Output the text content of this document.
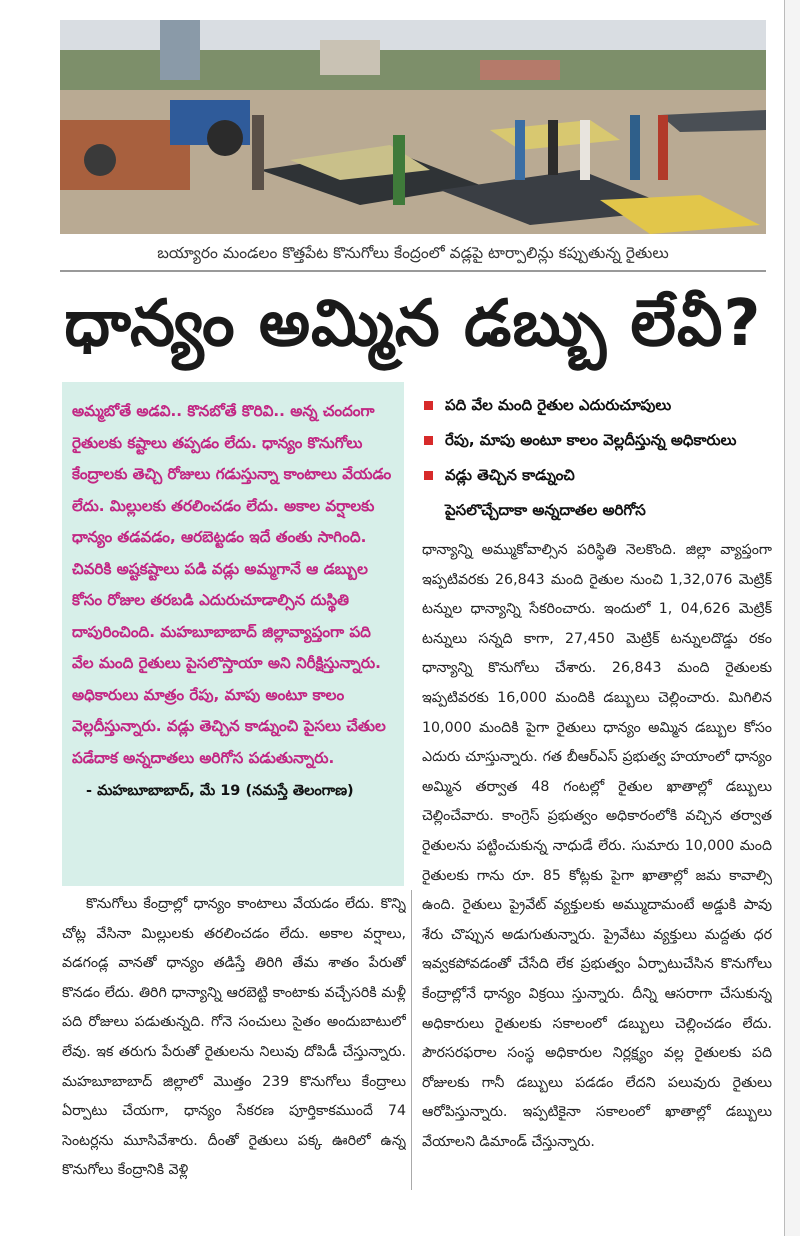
బయ్యారం మండలం కొత్తపేట కొనుగోలు కేంద్రంలో వడ్లపై టార్పాలిన్లు కప్పుతున్న రైతులు
ధాన్యం అమ్మిన డబ్బు లేవీ?

అమ్మబోతే అడవి.. కొనబోతే కొరివి.. అన్న చందంగా రైతులకు కష్టాలు తప్పడం లేదు. ధాన్యం కొనుగోలు కేంద్రాలకు తెచ్చి రోజులు గడుస్తున్నా కాంటాలు వేయడం లేదు. మిల్లులకు తరలించడం లేదు. అకాల వర్షాలకు ధాన్యం తడవడం, ఆరబెట్టడం ఇదే తంతు సాగింది. చివరికి అష్టకష్టాలు పడి వడ్లు అమ్మగానే ఆ డబ్బుల కోసం రోజుల తరబడి ఎదురుచూడాల్సిన దుస్థితి దాపురించింది. మహబూబాబాద్ జిల్లావ్యాప్తంగా పది వేల మంది రైతులు పైసలొస్తాయా అని నిరీక్షిస్తున్నారు. అధికారులు మాత్రం రేపు, మాపు అంటూ కాలం వెల్లదీస్తున్నారు. వడ్లు తెచ్చిన కాడ్నుంచి పైసలు చేతుల పడేదాక అన్నదాతలు అరిగోస పడుతున్నారు.

- మహబూబాబాద్, మే 19 (నమస్తే తెలంగాణ)
పది వేల మంది రైతుల ఎదురుచూపులు
రేపు, మాపు అంటూ కాలం వెల్లదీస్తున్న అధికారులు
వడ్లు తెచ్చిన కాడ్నుంచి
పైసలొచ్చేదాకా అన్నదాతల అరిగోస

ధాన్యాన్ని అమ్ముకోవాల్సిన పరిస్థితి నెలకొంది. జిల్లా వ్యాప్తంగా ఇప్పటివరకు 26,843 మంది రైతుల నుంచి 1,32,076 మెట్రిక్ టన్నుల ధాన్యాన్ని సేకరించారు. ఇందులో 1, 04,626 మెట్రిక్ టన్నులు సన్నది కాగా, 27,450 మెట్రిక్ టన్నులదొడ్డు రకం ధాన్యాన్ని కొనుగోలు చేశారు. 26,843 మంది రైతులకు ఇప్పటివరకు 16,000 మందికి డబ్బులు చెల్లించారు. మిగిలిన 10,000 మందికి పైగా రైతులు ధాన్యం అమ్మిన డబ్బుల కోసం ఎదురు చూస్తున్నారు. గత బీఆర్ఎస్ ప్రభుత్వ హయాంలో ధాన్యం అమ్మిన తర్వాత 48 గంటల్లో రైతుల ఖాతాల్లో డబ్బులు చెల్లించేవారు. కాంగ్రెస్ ప్రభుత్వం అధికారంలోకి వచ్చిన తర్వాత రైతులను పట్టించుకున్న నాధుడే లేరు. సుమారు 10,000 మంది రైతులకు గాను రూ. 85 కోట్లకు పైగా ఖాతాల్లో జమ కావాల్సి ఉంది. రైతులు ప్రైవేట్ వ్యక్తులకు అమ్ముదామంటే అడ్డుకి పావు శేరు చొప్పున అడుగుతున్నారు. ప్రైవేటు వ్యక్తులు మద్దతు ధర ఇవ్వకపోవడంతో చేసేది లేక ప్రభుత్వం ఏర్పాటుచేసిన కొనుగోలు కేంద్రాల్లోనే ధాన్యం విక్రయి స్తున్నారు. దీన్ని ఆసరాగా చేసుకున్న అధికారులు రైతులకు సకాలంలో డబ్బులు చెల్లించడం లేదు. పౌరసరఫరాల సంస్థ అధికారుల నిర్లక్ష్యం వల్ల రైతులకు పది రోజులకు గానీ డబ్బులు పడడం లేదని పలువురు రైతులు ఆరోపిస్తున్నారు. ఇప్పటికైనా సకాలంలో ఖాతాల్లో డబ్బులు వేయాలని డిమాండ్ చేస్తున్నారు.

కొనుగోలు కేంద్రాల్లో ధాన్యం కాంటాలు వేయడం లేదు. కొన్ని చోట్ల వేసినా మిల్లులకు తరలించడం లేదు. అకాల వర్షాలు, వడగండ్ల వానతో ధాన్యం తడిస్తే తిరిగి తేమ శాతం పేరుతో కొనడం లేదు. తిరిగి ధాన్యాన్ని ఆరబెట్టి కాంటాకు వచ్చేసరికి మళ్లీ పది రోజులు పడుతున్నది. గోనె సంచులు సైతం అందుబాటులో లేవు. ఇక తరుగు పేరుతో రైతులను నిలువు దోపిడీ చేస్తున్నారు. మహబూబాబాద్ జిల్లాలో మొత్తం 239 కొనుగోలు కేంద్రాలు ఏర్పాటు చేయగా, ధాన్యం సేకరణ పూర్తికాకముందే 74 సెంటర్లను మూసివేశారు. దీంతో రైతులు పక్క ఊరిలో ఉన్న కొనుగోలు కేంద్రానికి వెళ్లి
